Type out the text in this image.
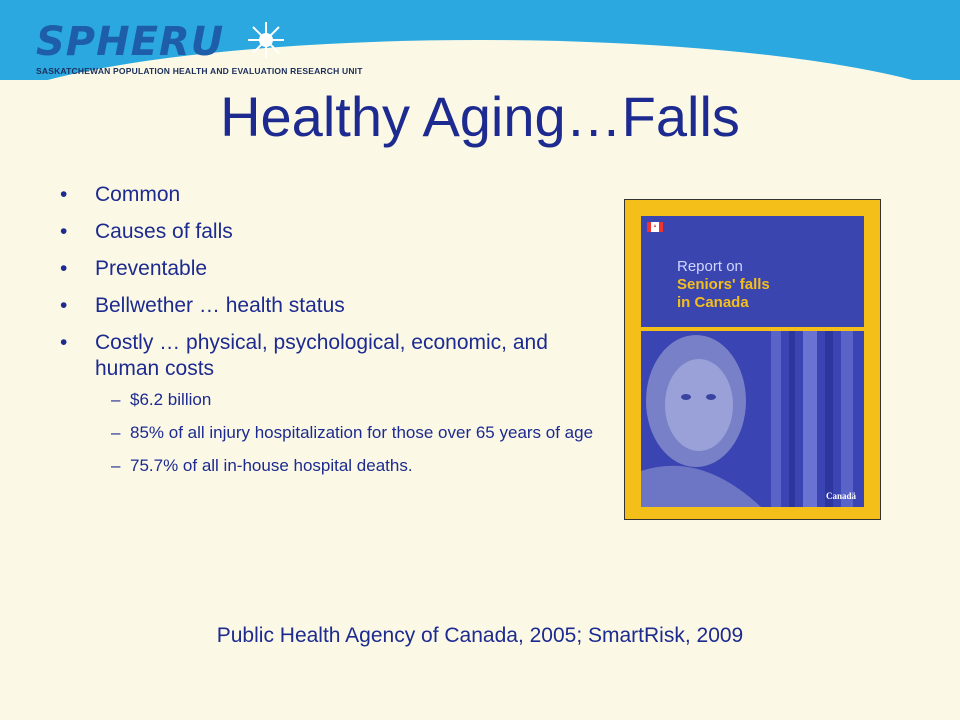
SPHERU
SASKATCHEWAN POPULATION HEALTH AND EVALUATION RESEARCH UNIT
Healthy Aging…Falls
• Common
• Causes of falls
• Preventable
• Bellwether … health status
• Costly … physical, psychological, economic, and human costs
– $6.2 billion
– 85% of all injury hospitalization for those over 65 years of age
– 75.7% of all in-house hospital deaths.
Report on
Seniors' falls
in Canada
Canadä
Public Health Agency of Canada, 2005; SmartRisk, 2009
